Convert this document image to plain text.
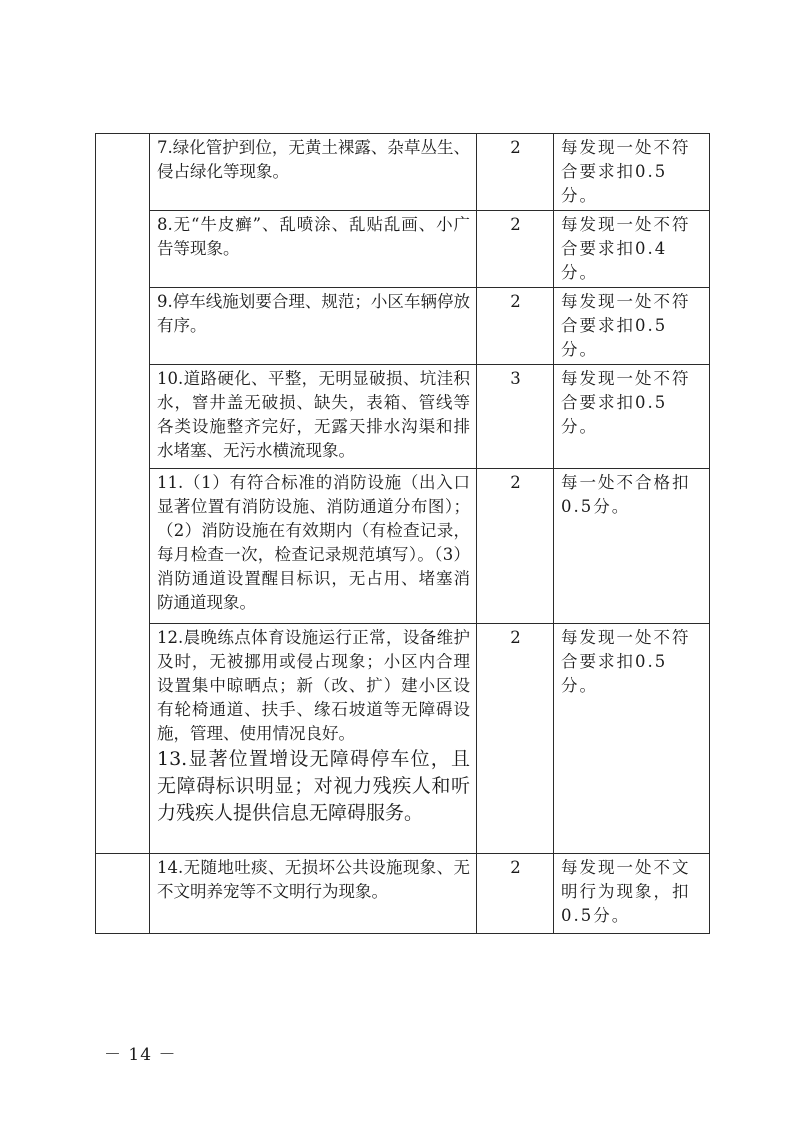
	7.绿化管护到位，无黄土裸露、杂草丛生、侵占绿化等现象。	2	每发现一处不符合要求扣0.5分。
	8.无“牛皮癣”、乱喷涂、乱贴乱画、小广告等现象。	2	每发现一处不符合要求扣0.4分。
	9.停车线施划要合理、规范；小区车辆停放有序。	2	每发现一处不符合要求扣0.5分。
	10.道路硬化、平整，无明显破损、坑洼积水，窨井盖无破损、缺失，表箱、管线等各类设施整齐完好，无露天排水沟渠和排水堵塞、无污水横流现象。	3	每发现一处不符合要求扣0.5分。
	11.（1）有符合标准的消防设施（出入口显著位置有消防设施、消防通道分布图）；（2）消防设施在有效期内（有检查记录，每月检查一次，检查记录规范填写）。（3）消防通道设置醒目标识，无占用、堵塞消防通道现象。	2	每一处不合格扣0.5分。

	12.晨晚练点体育设施运行正常，设备维护及时，无被挪用或侵占现象；小区内合理设置集中晾晒点；新（改、扩）建小区设有轮椅通道、扶手、缘石坡道等无障碍设施，管理、使用情况良好。
13.显著位置增设无障碍停车位，且无障碍标识明显；对视力残疾人和听力残疾人提供信息无障碍服务。	2	每发现一处不符合要求扣0.5分。
	14.无随地吐痰、无损坏公共设施现象、无不文明养宠等不文明行为现象。	2	每发现一处不文明行为现象，扣0.5分。
－ 14 －
